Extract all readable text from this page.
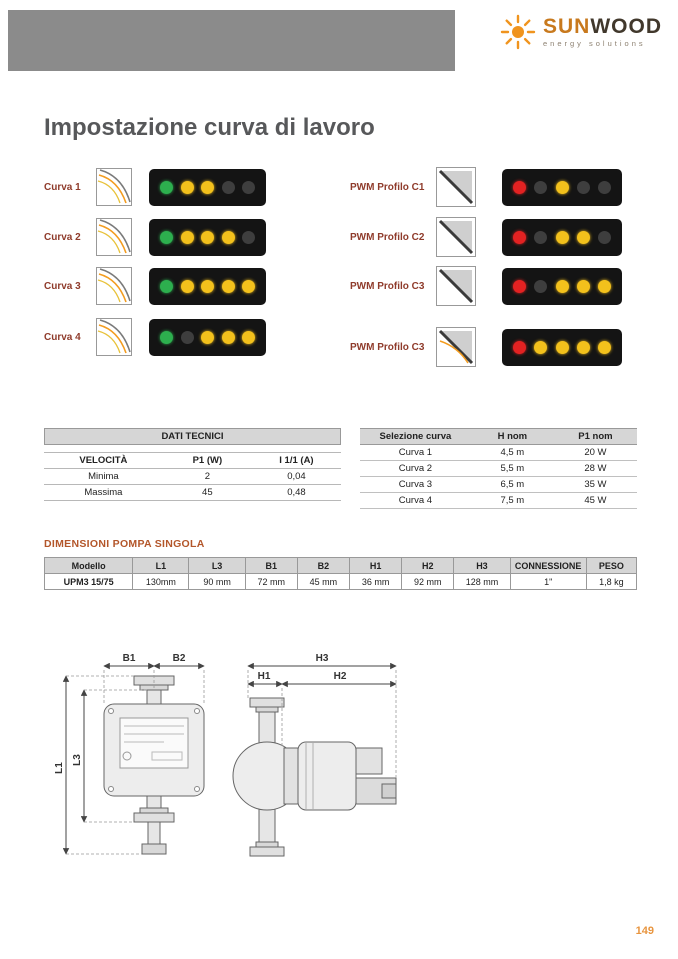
SUNWOOD
energy solutions
Impostazione curva di lavoro
Curva 1
Curva 2
Curva 3
Curva 4
PWM Profilo C1
PWM Profilo C2
PWM Profilo C3
PWM Profilo C3
DATI TECNICI
VELOCITÀ	P1 (W)	I 1/1 (A)
Minima	2	0,04
Massima	45	0,48
Selezione curva	H nom	P1 nom
Curva 1	4,5 m	20 W
Curva 2	5,5 m	28 W
Curva 3	6,5 m	35 W
Curva 4	7,5 m	45 W
DIMENSIONI POMPA SINGOLA
Modello	L1	L3	B1	B2	H1	H2	H3	CONNESSIONE	PESO
UPM3 15/75	130mm	90 mm	72 mm	45 mm	36 mm	92 mm	128 mm	1"	1,8 kg
B1	B2
L1
L3
H3
H1	H2
149
